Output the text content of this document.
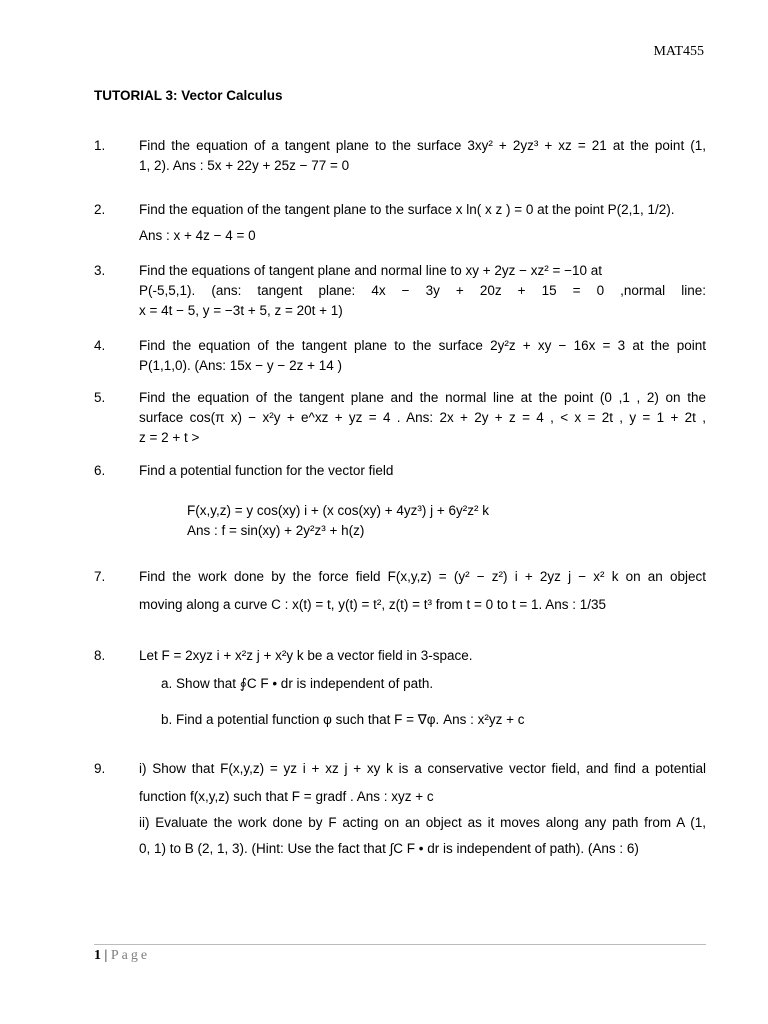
MAT455
TUTORIAL 3: Vector Calculus
1. Find the equation of a tangent plane to the surface 3xy² + 2yz³ + xz = 21 at the point (1,
1, 2). Ans : 5x + 22y + 25z − 77 = 0
2. Find the equation of the tangent plane to the surface x ln( x z ) = 0 at the point P(2,1, 1/2).
Ans : x + 4z − 4 = 0
3. Find the equations of tangent plane and normal line to xy + 2yz − xz² = −10 at
P(-5,5,1). (ans: tangent plane: 4x − 3y + 20z + 15 = 0 ,normal line:
x = 4t − 5, y = −3t + 5, z = 20t + 1)
4. Find the equation of the tangent plane to the surface 2y²z + xy − 16x = 3 at the point
P(1,1,0). (Ans: 15x − y − 2z + 14 )
5. Find the equation of the tangent plane and the normal line at the point (0 ,1 , 2) on the
surface cos(π x) − x²y + e^xz + yz = 4 . Ans: 2x + 2y + z = 4 , < x = 2t , y = 1 + 2t ,
z = 2 + t >
6. Find a potential function for the vector field
F(x,y,z) = y cos(xy) i + (x cos(xy) + 4yz³) j + 6y²z² k
Ans : f = sin(xy) + 2y²z³ + h(z)
7. Find the work done by the force field F(x,y,z) = (y² − z²) i + 2yz j − x² k on an object
moving along a curve C : x(t) = t, y(t) = t², z(t) = t³ from t = 0 to t = 1. Ans : 1/35
8. Let F = 2xyz i + x²z j + x²y k be a vector field in 3-space.
a. Show that ∮C F • dr is independent of path.
b. Find a potential function φ such that F = ∇φ. Ans : x²yz + c
9. i) Show that F(x,y,z) = yz i + xz j + xy k is a conservative vector field, and find a potential
function f(x,y,z) such that F = gradf . Ans : xyz + c
ii) Evaluate the work done by F acting on an object as it moves along any path from A (1,
0, 1) to B (2, 1, 3). (Hint: Use the fact that ∫C F • dr is independent of path). (Ans : 6)
1 | Page
